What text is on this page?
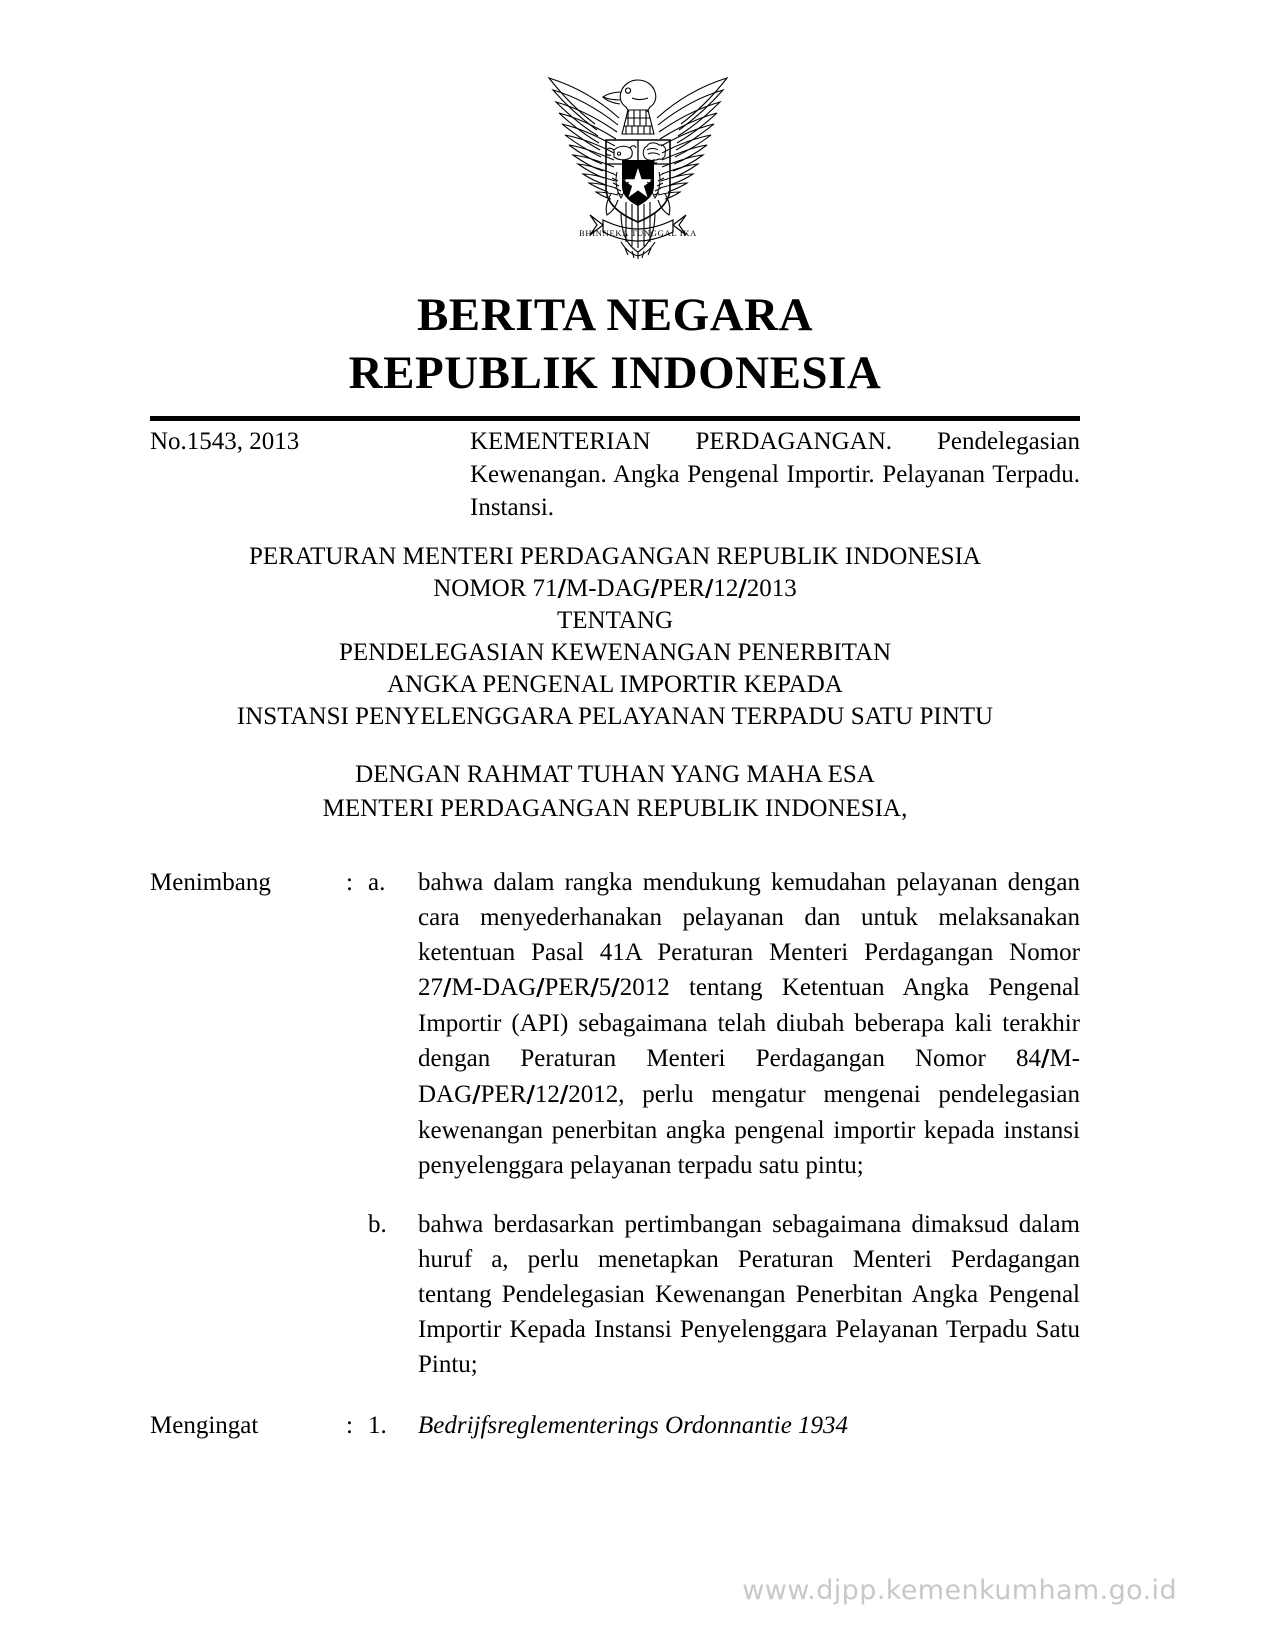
BHINNEKA TUNGGAL IKA
BERITA NEGARA
REPUBLIK INDONESIA
No.1543, 2013	KEMENTERIAN PERDAGANGAN. Pendelegasian Kewenangan. Angka Pengenal Importir. Pelayanan Terpadu. Instansi.
PERATURAN MENTERI PERDAGANGAN REPUBLIK INDONESIA
NOMOR 71/M-DAG/PER/12/2013
TENTANG
PENDELEGASIAN KEWENANGAN PENERBITAN
ANGKA PENGENAL IMPORTIR KEPADA
INSTANSI PENYELENGGARA PELAYANAN TERPADU SATU PINTU
DENGAN RAHMAT TUHAN YANG MAHA ESA
MENTERI PERDAGANGAN REPUBLIK INDONESIA,
Menimbang	: a.	bahwa dalam rangka mendukung kemudahan pelayanan dengan cara menyederhanakan pelayanan dan untuk melaksanakan ketentuan Pasal 41A Peraturan Menteri Perdagangan Nomor 27/M-DAG/PER/5/2012 tentang Ketentuan Angka Pengenal Importir (API) sebagaimana telah diubah beberapa kali terakhir dengan Peraturan Menteri Perdagangan Nomor 84/M-DAG/PER/12/2012, perlu mengatur mengenai pendelegasian kewenangan penerbitan angka pengenal importir kepada instansi penyelenggara pelayanan terpadu satu pintu;
b.	bahwa berdasarkan pertimbangan sebagaimana dimaksud dalam huruf a, perlu menetapkan Peraturan Menteri Perdagangan tentang Pendelegasian Kewenangan Penerbitan Angka Pengenal Importir Kepada Instansi Penyelenggara Pelayanan Terpadu Satu Pintu;
Mengingat	: 1.	Bedrijfsreglementerings Ordonnantie 1934
www.djpp.kemenkumham.go.id
